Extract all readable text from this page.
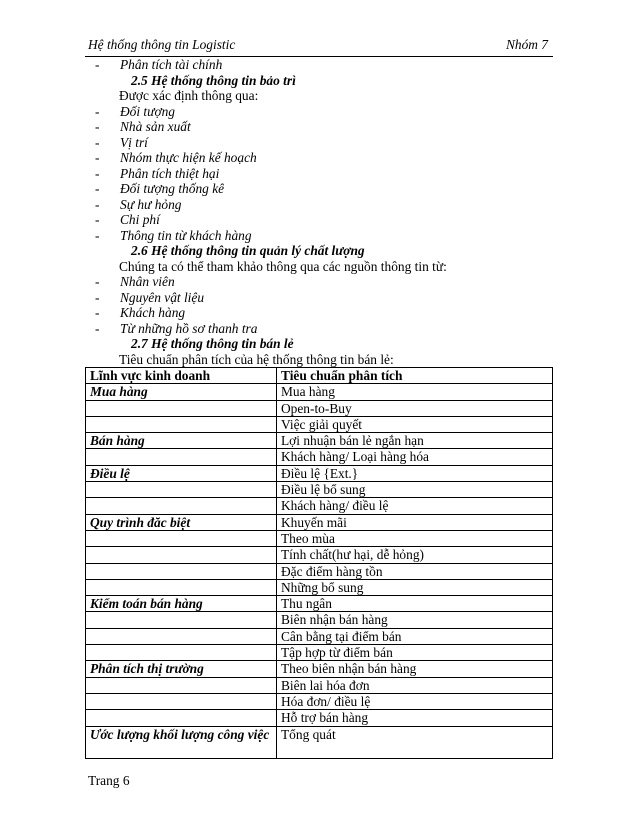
Hệ thống thông tin Logistic	Nhóm 7
-	Phân tích tài chính
2.5 Hệ thống thông tin bảo trì
Được xác định thông qua:
-	Đối tượng
-	Nhà sản xuất
-	Vị trí
-	Nhóm thực hiện kế hoạch
-	Phân tích thiệt hại
-	Đối tượng thống kê
-	Sự hư hỏng
-	Chi phí
-	Thông tin từ khách hàng
2.6 Hệ thống thông tin quản lý chất lượng
Chúng ta có thể tham khảo thông qua các nguồn thông tin từ:
-	Nhân viên
-	Nguyên vật liệu
-	Khách hàng
-	Từ những hồ sơ thanh tra
2.7 Hệ thống thông tin bán lẻ
Tiêu chuẩn phân tích của hệ thống thông tin bán lẻ:
Lĩnh vực kinh doanh	Tiêu chuẩn phân tích
Mua hàng	Mua hàng
	Open-to-Buy
	Việc giải quyết
Bán hàng	Lợi nhuận bán lẻ ngắn hạn
	Khách hàng/ Loại hàng hóa
Điều lệ	Điều lệ {Ext.}
	Điều lệ bổ sung
	Khách hàng/ điều lệ
Quy trình đăc biệt	Khuyến mãi
	Theo mùa
	Tính chất(hư hại, dễ hỏng)
	Đặc điểm hàng tồn
	Những bổ sung
Kiểm toán bán hàng	Thu ngân
	Biên nhận bán hàng
	Cân bằng tại điểm bán
	Tập hợp từ điểm bán
Phân tích thị trường	Theo biên nhận bán hàng
	Biên lai hóa đơn
	Hóa đơn/ điều lệ
	Hỗ trợ bán hàng
Ước lượng khối lượng công việc	Tổng quát
Trang 6
